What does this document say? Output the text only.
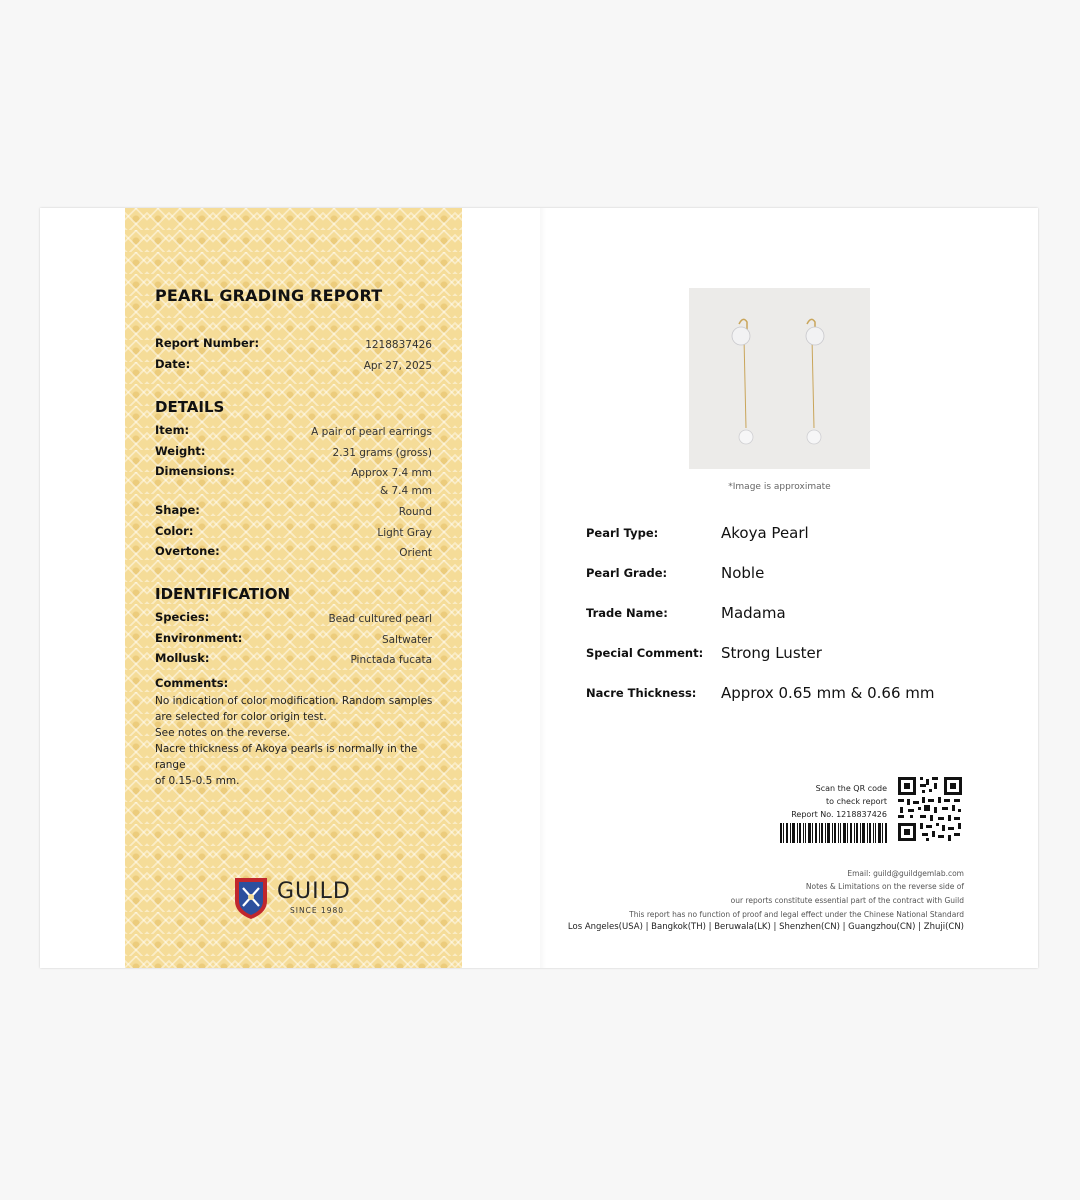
PEARL GRADING REPORT
Report Number:	1218837426
Date:	Apr 27, 2025
DETAILS
Item:	A pair of pearl earrings
Weight:	2.31 grams (gross)
Dimensions:	Approx 7.4 mm
& 7.4 mm
Shape:	Round
Color:	Light Gray
Overtone:	Orient
IDENTIFICATION
Species:	Bead cultured pearl
Environment:	Saltwater
Mollusk:	Pinctada fucata
Comments:
No indication of color modification. Random samples
are selected for color origin test.
See notes on the reverse.
Nacre thickness of Akoya pearls is normally in the range
of 0.15-0.5 mm.
GUILD
SINCE 1980
*Image is approximate
Pearl Type:	Akoya Pearl
Pearl Grade:	Noble
Trade Name:	Madama
Special Comment: Strong Luster
Nacre Thickness: Approx 0.65 mm & 0.66 mm
Scan the QR code
to check report
Report No. 1218837426
Email: guild@guildgemlab.com
Notes & Limitations on the reverse side of
our reports constitute essential part of the contract with Guild
This report has no function of proof and legal effect under the Chinese National Standard
Los Angeles(USA) | Bangkok(TH) | Beruwala(LK) | Shenzhen(CN) | Guangzhou(CN) | Zhuji(CN)
